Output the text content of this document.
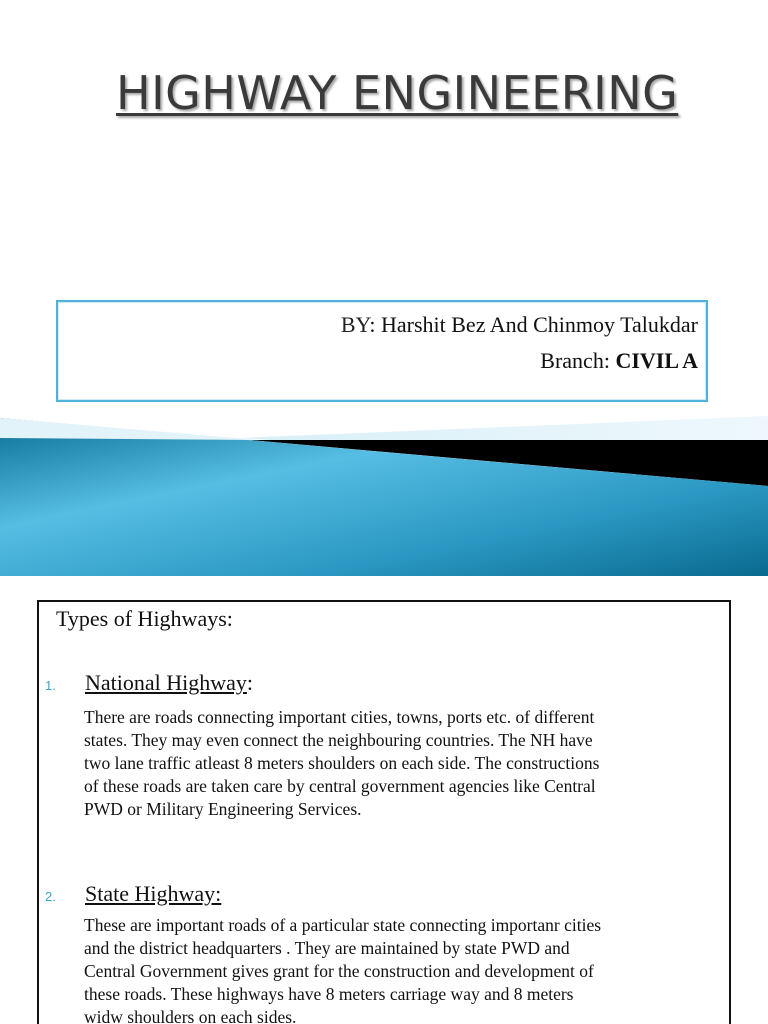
HIGHWAY ENGINEERING
BY: Harshit Bez And Chinmoy Talukdar
Branch: CIVIL A
Types of Highways:
1. National Highway:
There are roads connecting important cities, towns, ports etc. of different
states. They may even connect the neighbouring countries. The NH have
two lane traffic atleast 8 meters shoulders on each side. The constructions
of these roads are taken care by central government agencies like Central
PWD or Military Engineering Services.
2. State Highway:
These are important roads of a particular state connecting importanr cities
and the district headquarters . They are maintained by state PWD and
Central Government gives grant for the construction and development of
these roads. These highways have 8 meters carriage way and 8 meters
widw shoulders on each sides.
